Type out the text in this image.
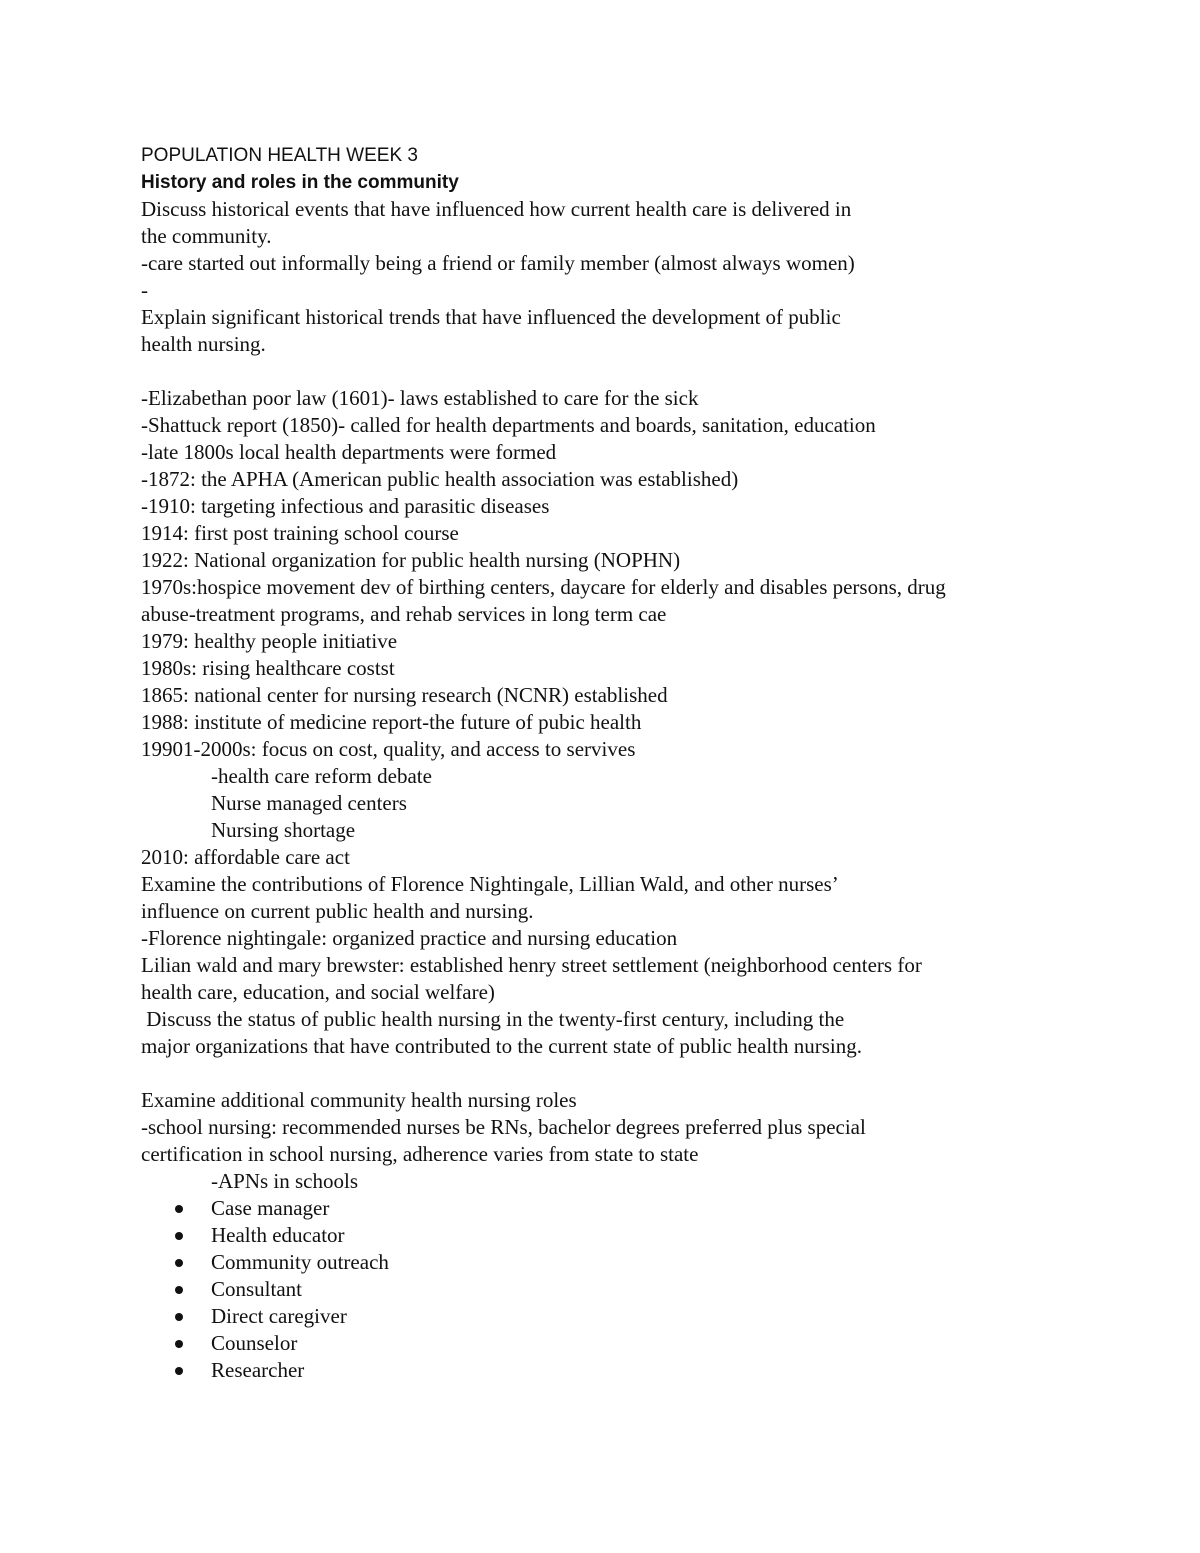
POPULATION HEALTH WEEK 3
History and roles in the community
Discuss historical events that have influenced how current health care is delivered in
the community.
-care started out informally being a friend or family member (almost always women)
-
Explain significant historical trends that have influenced the development of public
health nursing.
-Elizabethan poor law (1601)- laws established to care for the sick
-Shattuck report (1850)- called for health departments and boards, sanitation, education
-late 1800s local health departments were formed
-1872: the APHA (American public health association was established)
-1910: targeting infectious and parasitic diseases
1914: first post training school course
1922: National organization for public health nursing (NOPHN)
1970s:hospice movement dev of birthing centers, daycare for elderly and disables persons, drug
abuse-treatment programs, and rehab services in long term cae
1979: healthy people initiative
1980s: rising healthcare costst
1865: national center for nursing research (NCNR) established
1988: institute of medicine report-the future of pubic health
19901-2000s: focus on cost, quality, and access to servives
-health care reform debate
Nurse managed centers
Nursing shortage
2010: affordable care act
Examine the contributions of Florence Nightingale, Lillian Wald, and other nurses’
influence on current public health and nursing.
-Florence nightingale: organized practice and nursing education
Lilian wald and mary brewster: established henry street settlement (neighborhood centers for
health care, education, and social welfare)
Discuss the status of public health nursing in the twenty-first century, including the
major organizations that have contributed to the current state of public health nursing.
Examine additional community health nursing roles
-school nursing: recommended nurses be RNs, bachelor degrees preferred plus special
certification in school nursing, adherence varies from state to state
-APNs in schools
Case manager
Health educator
Community outreach
Consultant
Direct caregiver
Counselor
Researcher
